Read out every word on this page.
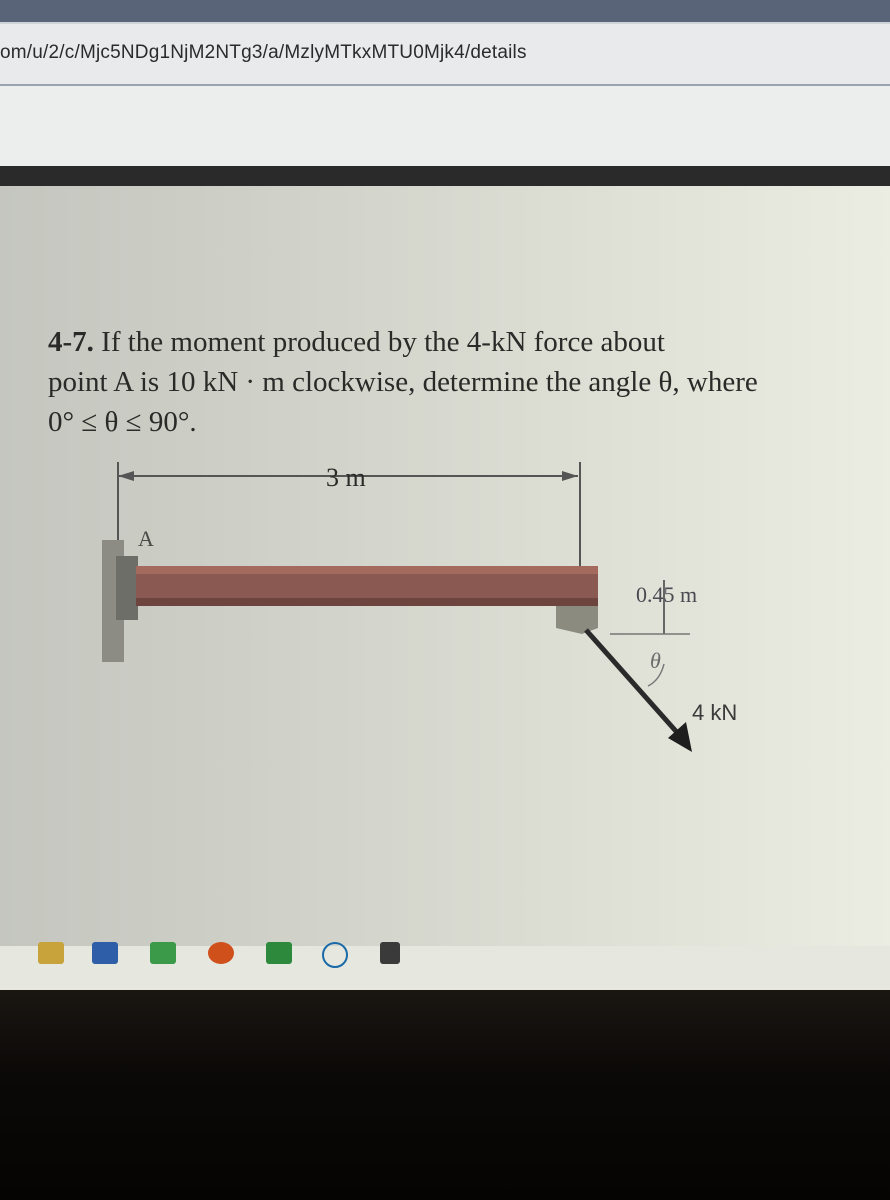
om/u/2/c/Mjc5NDg1NjM2NTg3/a/MzlyMTkxMTU0Mjk4/details
4-7. If the moment produced by the 4-kN force about
point A is 10 kN · m clockwise, determine the angle θ, where
0° ≤ θ ≤ 90°.
A
3 m
0.45 m
θ
4 kN
